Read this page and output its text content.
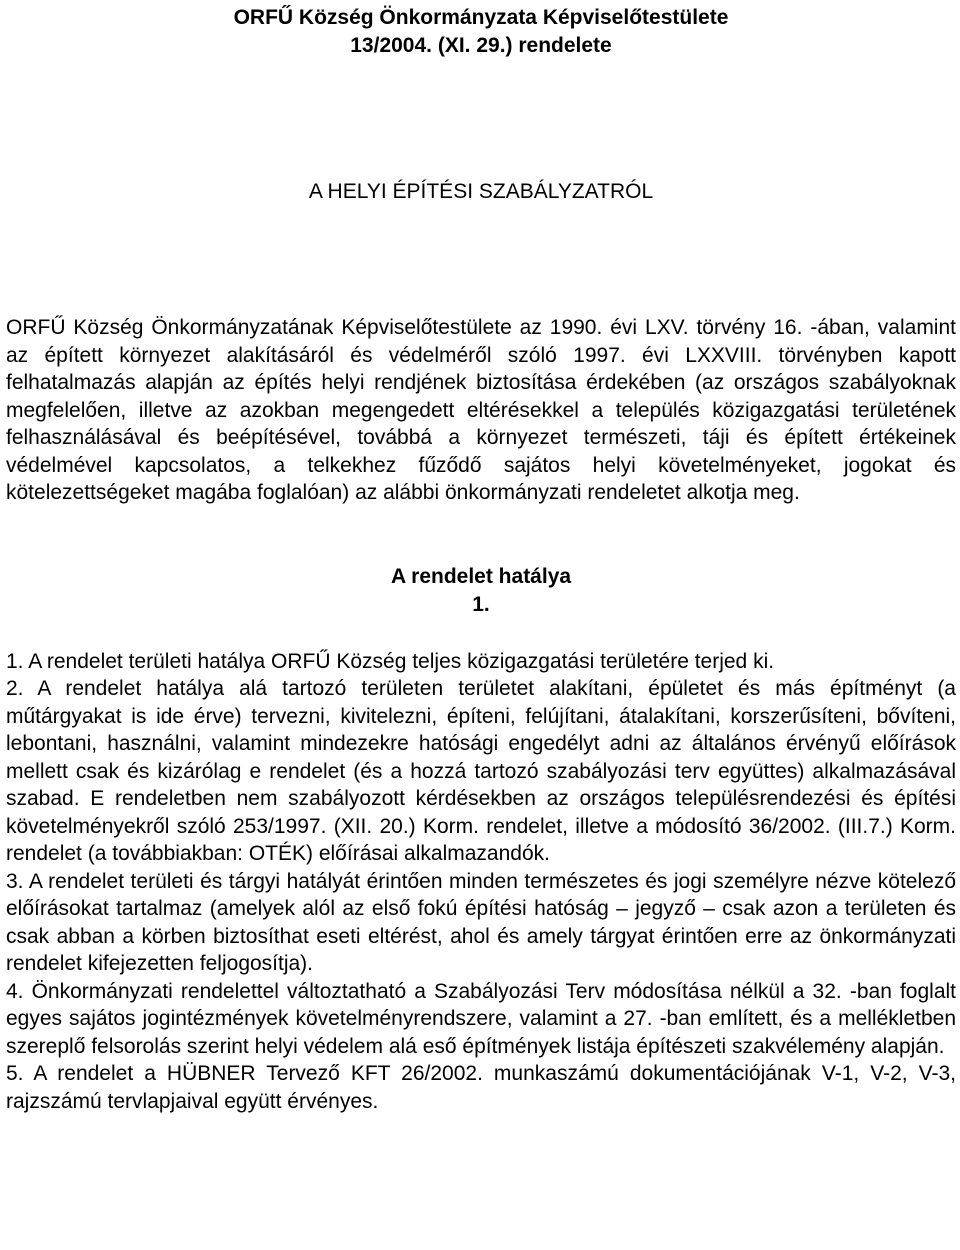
ORFŰ Község Önkormányzata Képviselőtestülete
13/2004. (XI. 29.) rendelete
A HELYI ÉPÍTÉSI SZABÁLYZATRÓL

ORFŰ Község Önkormányzatának Képviselőtestülete az 1990. évi LXV. törvény 16. -ában, valamint az épített környezet alakításáról és védelméről szóló 1997. évi LXXVIII. törvényben kapott felhatalmazás alapján az építés helyi rendjének biztosítása érdekében (az országos szabályoknak megfelelően, illetve az azokban megengedett eltérésekkel a település közigazgatási területének felhasználásával és beépítésével, továbbá a környezet természeti, táji és épített értékeinek védelmével kapcsolatos, a telkekhez fűződő sajátos helyi követelményeket, jogokat és kötelezettségeket magába foglalóan) az alábbi önkormányzati rendeletet alkotja meg.

A rendelet hatálya
1.

1. A rendelet területi hatálya ORFŰ Község teljes közigazgatási területére terjed ki.

2. A rendelet hatálya alá tartozó területen területet alakítani, épületet és más építményt (a műtárgyakat is ide érve) tervezni, kivitelezni, építeni, felújítani, átalakítani, korszerűsíteni, bővíteni, lebontani, használni, valamint mindezekre hatósági engedélyt adni az általános érvényű előírások mellett csak és kizárólag e rendelet (és a hozzá tartozó szabályozási terv együttes) alkalmazásával szabad. E rendeletben nem szabályozott kérdésekben az országos településrendezési és építési követelményekről szóló 253/1997. (XII. 20.) Korm. rendelet, illetve a módosító 36/2002. (III.7.) Korm. rendelet (a továbbiakban: OTÉK) előírásai alkalmazandók.

3. A rendelet területi és tárgyi hatályát érintően minden természetes és jogi személyre nézve kötelező előírásokat tartalmaz (amelyek alól az első fokú építési hatóság – jegyző – csak azon a területen és csak abban a körben biztosíthat eseti eltérést, ahol és amely tárgyat érintően erre az önkormányzati rendelet kifejezetten feljogosítja).

4. Önkormányzati rendelettel változtatható a Szabályozási Terv módosítása nélkül a 32. -ban foglalt egyes sajátos jogintézmények követelményrendszere, valamint a 27. -ban említett, és a mellékletben szereplő felsorolás szerint helyi védelem alá eső építmények listája építészeti szakvélemény alapján.

5. A rendelet a HÜBNER Tervező KFT 26/2002. munkaszámú dokumentációjának V-1, V-2, V-3, rajzszámú tervlapjaival együtt érvényes.
